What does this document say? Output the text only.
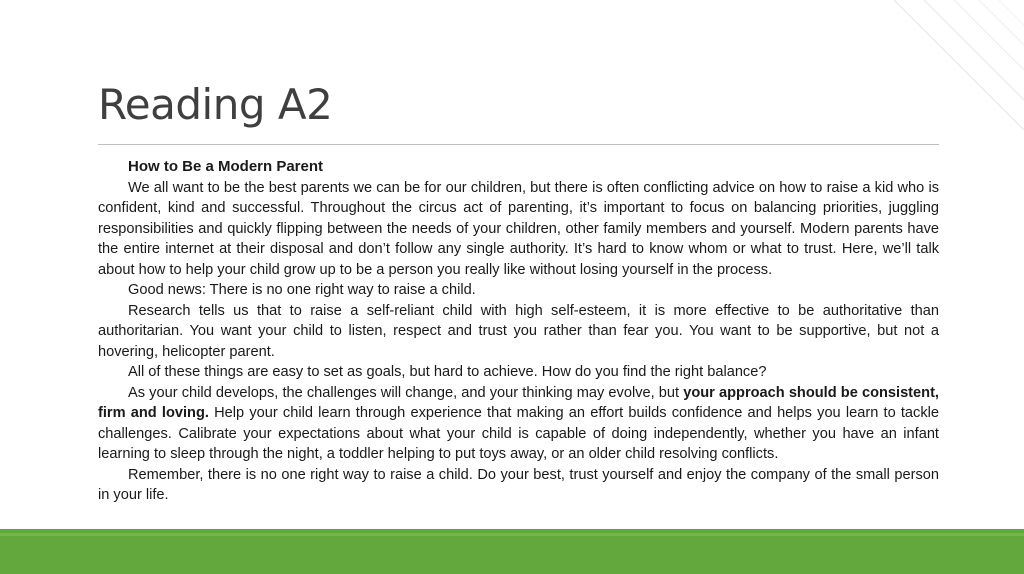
Reading A2
How to Be a Modern Parent

We all want to be the best parents we can be for our children, but there is often conflicting advice on how to raise a kid who is confident, kind and successful. Throughout the circus act of parenting, it’s important to focus on balancing priorities, juggling responsibilities and quickly flipping between the needs of your children, other family members and yourself. Modern parents have the entire internet at their disposal and don’t follow any single authority. It’s hard to know whom or what to trust. Here, we’ll talk about how to help your child grow up to be a person you really like without losing yourself in the process.

Good news: There is no one right way to raise a child.

Research tells us that to raise a self-reliant child with high self-esteem, it is more effective to be authoritative than authoritarian. You want your child to listen, respect and trust you rather than fear you. You want to be supportive, but not a hovering, helicopter parent.

All of these things are easy to set as goals, but hard to achieve. How do you find the right balance?

As your child develops, the challenges will change, and your thinking may evolve, but your approach should be consistent, firm and loving. Help your child learn through experience that making an effort builds confidence and helps you learn to tackle challenges. Calibrate your expectations about what your child is capable of doing independently, whether you have an infant learning to sleep through the night, a toddler helping to put toys away, or an older child resolving conflicts.

Remember, there is no one right way to raise a child. Do your best, trust yourself and enjoy the company of the small person in your life.
